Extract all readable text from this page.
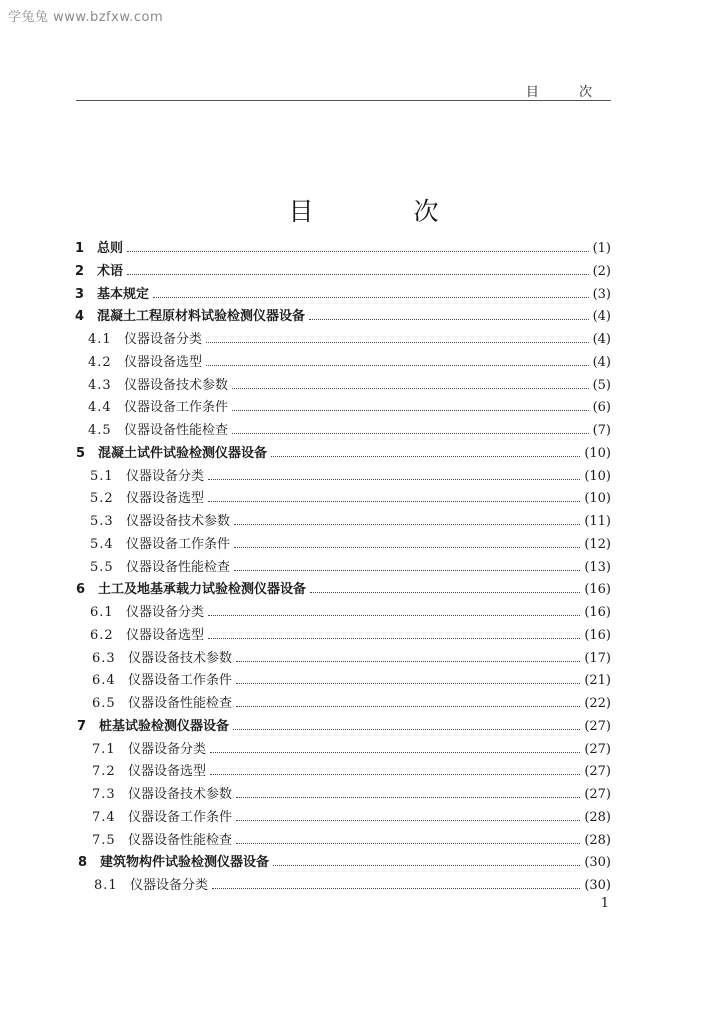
学兔兔 www.bzfxw.com
目 次
目 次
1 总则	(1)
2 术语	(2)
3 基本规定	(3)
4 混凝土工程原材料试验检测仪器设备	(4)
4.1 仪器设备分类	(4)
4.2 仪器设备选型	(4)
4.3 仪器设备技术参数	(5)
4.4 仪器设备工作条件	(6)
4.5 仪器设备性能检查	(7)
5 混凝土试件试验检测仪器设备	(10)
5.1 仪器设备分类	(10)
5.2 仪器设备选型	(10)
5.3 仪器设备技术参数	(11)
5.4 仪器设备工作条件	(12)
5.5 仪器设备性能检查	(13)
6 土工及地基承载力试验检测仪器设备	(16)
6.1 仪器设备分类	(16)
6.2 仪器设备选型	(16)
6.3 仪器设备技术参数	(17)
6.4 仪器设备工作条件	(21)
6.5 仪器设备性能检查	(22)
7 桩基试验检测仪器设备	(27)
7.1 仪器设备分类	(27)
7.2 仪器设备选型	(27)
7.3 仪器设备技术参数	(27)
7.4 仪器设备工作条件	(28)
7.5 仪器设备性能检查	(28)
8 建筑物构件试验检测仪器设备	(30)
8.1 仪器设备分类	(30)
1
